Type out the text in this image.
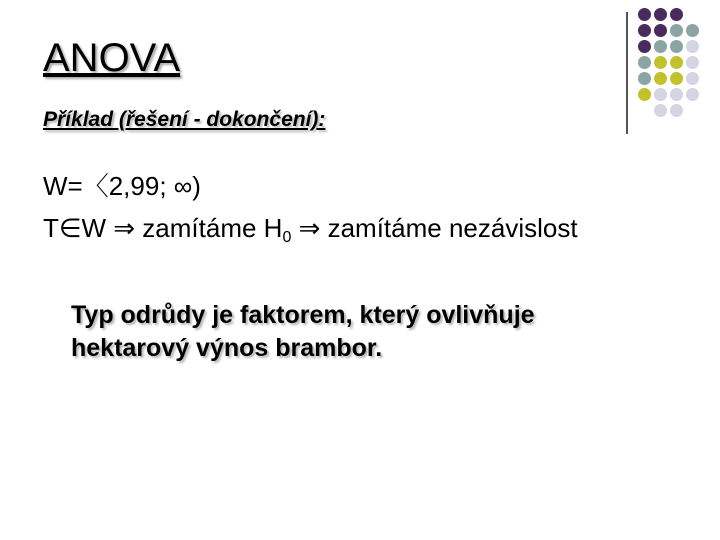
ANOVA
Příklad (řešení - dokončení):
W=〈2,99; ∞)
T∈W ⇒ zamítáme $H_0$ ⇒ zamítáme nezávislost
Typ odrůdy je faktorem, který ovlivňuje
hektarový výnos brambor.
